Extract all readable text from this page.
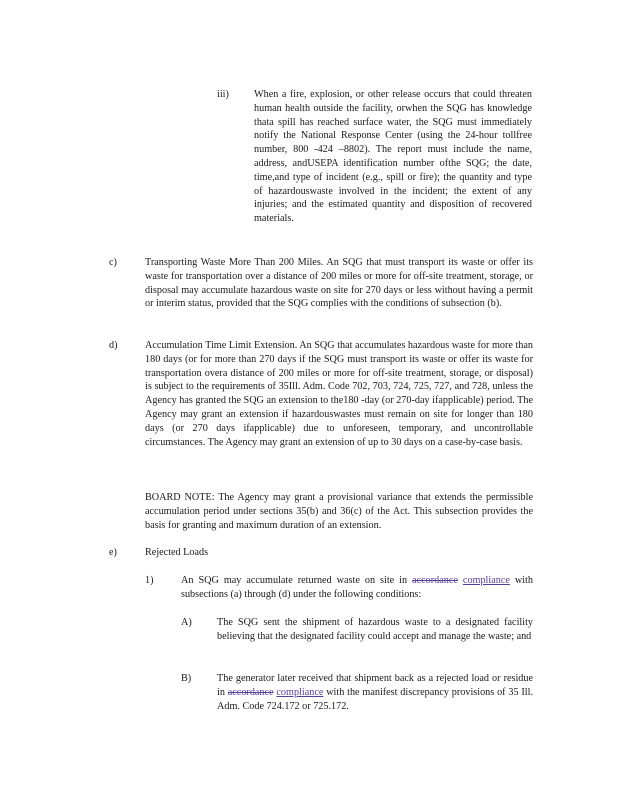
iii) When a fire, explosion, or other release occurs that could threaten human health outside the facility, orwhen the SQG has knowledge thata spill has reached surface water, the SQG must immediately notify the National Response Center (using the 24-hour tollfree number, 800 -424 –8802). The report must include the name, address, andUSEPA identification number ofthe SQG; the date, time,and type of incident (e.g., spill or fire); the quantity and type of hazardouswaste involved in the incident; the extent of any injuries; and the estimated quantity and disposition of recovered materials.
c)	Transporting Waste More Than 200 Miles. An SQG that must transport its waste or offer its waste for transportation over a distance of 200 miles or more for off-site treatment, storage, or disposal may accumulate hazardous waste on site for 270 days or less without having a permit or interim status, provided that the SQG complies with the conditions of subsection (b).
d)	Accumulation Time Limit Extension. An SQG that accumulates hazardous waste for more than 180 days (or for more than 270 days if the SQG must transport its waste or offer its waste for transportation overa distance of 200 miles or more for off-site treatment, storage, or disposal) is subject to the requirements of 35Ill. Adm. Code 702, 703, 724, 725, 727, and 728, unless the Agency has granted the SQG an extension to the180 -day (or 270-day ifapplicable) period. The Agency may grant an extension if hazardouswastes must remain on site for longer than 180 days (or 270 days ifapplicable) due to unforeseen, temporary, and uncontrollable circumstances. The Agency may grant an extension of up to 30 days on a case-by-case basis.
BOARD NOTE: The Agency may grant a provisional variance that extends the permissible accumulation period under sections 35(b) and 36(c) of the Act. This subsection provides the basis for granting and maximum duration of an extension.
e)	Rejected Loads
1)	An SQG may accumulate returned waste on site in accordance compliance with subsections (a) through (d) under the following conditions:
A) The SQG sent the shipment of hazardous waste to a designated facility believing that the designated facility could accept and manage the waste; and
B)	The generator later received that shipment back as a rejected load or residue in accordance compliance with the manifest discrepancy provisions of 35 Ill. Adm. Code 724.172 or 725.172.
